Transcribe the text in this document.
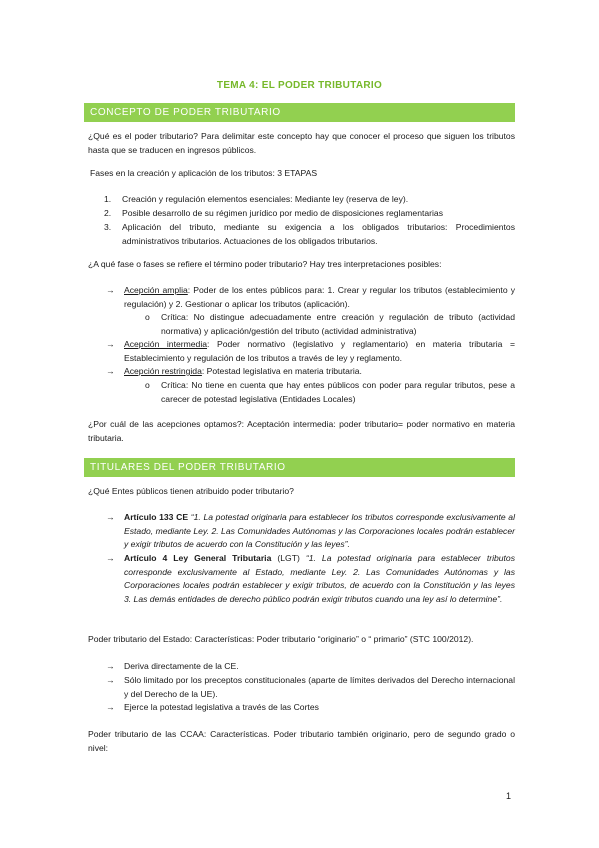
TEMA 4: EL PODER TRIBUTARIO
CONCEPTO DE PODER TRIBUTARIO
¿Qué es el poder tributario? Para delimitar este concepto hay que conocer el proceso que siguen los tributos hasta que se traducen en ingresos públicos.
Fases en la creación y aplicación de los tributos: 3 ETAPAS
1. Creación y regulación elementos esenciales: Mediante ley (reserva de ley).
2. Posible desarrollo de su régimen jurídico por medio de disposiciones reglamentarias
3. Aplicación del tributo, mediante su exigencia a los obligados tributarios: Procedimientos administrativos tributarios. Actuaciones de los obligados tributarios.
¿A qué fase o fases se refiere el término poder tributario? Hay tres interpretaciones posibles:
→ Acepción amplia: Poder de los entes públicos para: 1. Crear y regular los tributos (establecimiento y regulación) y 2. Gestionar o aplicar los tributos (aplicación).
o Crítica: No distingue adecuadamente entre creación y regulación de tributo (actividad normativa) y aplicación/gestión del tributo (actividad administrativa)
→ Acepción intermedia: Poder normativo (legislativo y reglamentario) en materia tributaria = Establecimiento y regulación de los tributos a través de ley y reglamento.
→ Acepción restringida: Potestad legislativa en materia tributaria.
o Crítica: No tiene en cuenta que hay entes públicos con poder para regular tributos, pese a carecer de potestad legislativa (Entidades Locales)
¿Por cuál de las acepciones optamos?: Aceptación intermedia: poder tributario= poder normativo en materia tributaria.
TITULARES DEL PODER TRIBUTARIO
¿Qué Entes públicos tienen atribuido poder tributario?
→ Artículo 133 CE “1. La potestad originaria para establecer los tributos corresponde exclusivamente al Estado, mediante Ley. 2. Las Comunidades Autónomas y las Corporaciones locales podrán establecer y exigir tributos de acuerdo con la Constitución y las leyes”.
→ Artículo 4 Ley General Tributaria (LGT) “1. La potestad originaria para establecer tributos corresponde exclusivamente al Estado, mediante Ley. 2. Las Comunidades Autónomas y las Corporaciones locales podrán establecer y exigir tributos, de acuerdo con la Constitución y las leyes 3. Las demás entidades de derecho público podrán exigir tributos cuando una ley así lo determine”.
Poder tributario del Estado: Características: Poder tributario “originario” o “ primario” (STC 100/2012).
→ Deriva directamente de la CE.
→ Sólo limitado por los preceptos constitucionales (aparte de límites derivados del Derecho internacional y del Derecho de la UE).
→ Ejerce la potestad legislativa a través de las Cortes
Poder tributario de las CCAA: Características. Poder tributario también originario, pero de segundo grado o nivel:
1
